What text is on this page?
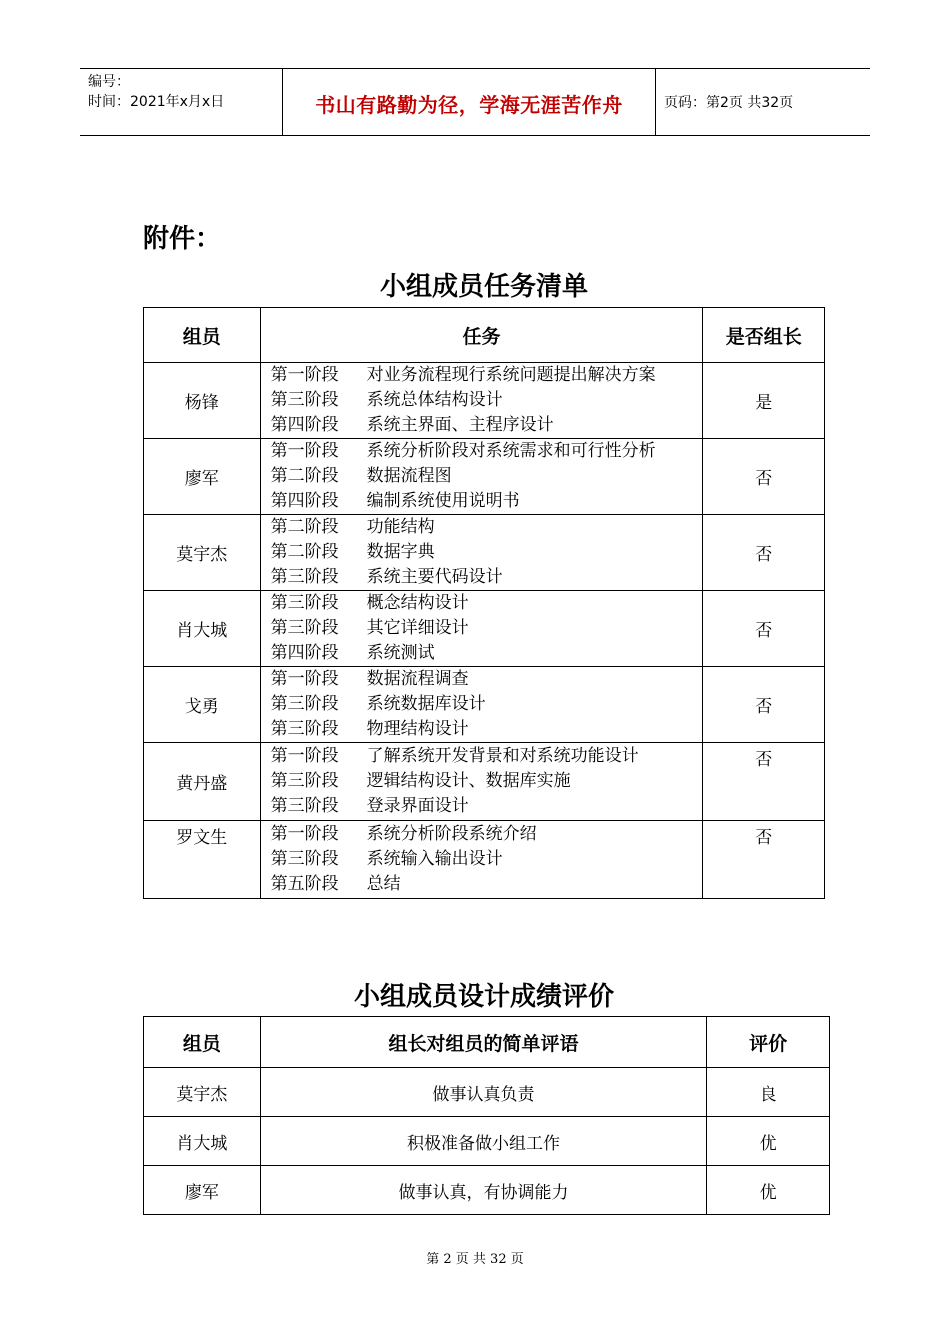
编号：
时间：2021年x月x日	书山有路勤为径，学海无涯苦作舟	页码：第2页 共32页
附件：
小组成员任务清单
组员	任务	是否组长
杨锋	第一阶段 对业务流程现行系统问题提出解决方案
第三阶段 系统总体结构设计
第四阶段 系统主界面、主程序设计	是
廖军	第一阶段 系统分析阶段对系统需求和可行性分析
第二阶段 数据流程图
第四阶段 编制系统使用说明书	否
莫宇杰	第二阶段 功能结构
第二阶段 数据字典
第三阶段 系统主要代码设计	否
肖大城	第三阶段 概念结构设计
第三阶段 其它详细设计
第四阶段 系统测试	否
戈勇	第一阶段 数据流程调查
第三阶段 系统数据库设计
第三阶段 物理结构设计	否
黄丹盛	第一阶段 了解系统开发背景和对系统功能设计
第三阶段 逻辑结构设计、数据库实施
第三阶段 登录界面设计	否
罗文生	第一阶段 系统分析阶段系统介绍
第三阶段 系统输入输出设计
第五阶段 总结	否
小组成员设计成绩评价
组员	组长对组员的简单评语	评价
莫宇杰	做事认真负责	良
肖大城	积极准备做小组工作	优
廖军	做事认真，有协调能力	优
第 2 页 共 32 页
